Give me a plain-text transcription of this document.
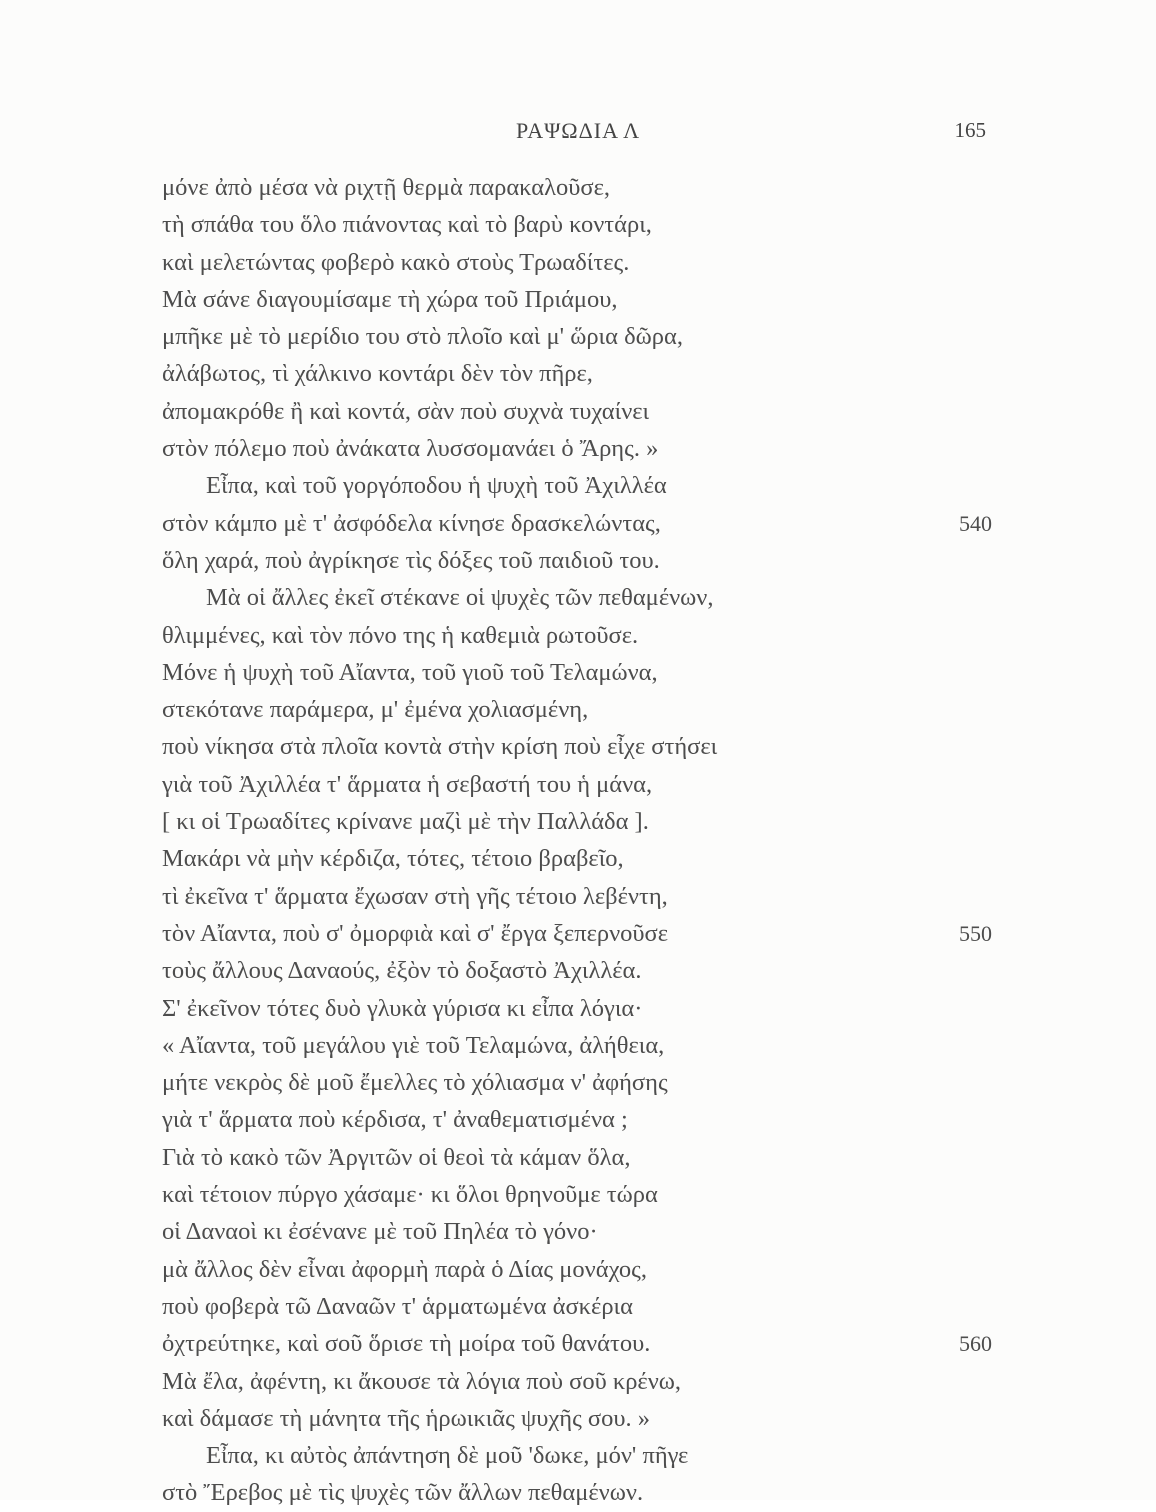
ΡΑΨΩΔΙΑ Λ	165
μόνε ἀπὸ μέσα νὰ ριχτῇ θερμὰ παρακαλοῦσε,
τὴ σπάθα του ὅλο πιάνοντας καὶ τὸ βαρὺ κοντάρι,
καὶ μελετώντας φοβερὸ κακὸ στοὺς Τρωαδίτες.
Μὰ σάνε διαγουμίσαμε τὴ χώρα τοῦ Πριάμου,
μπῆκε μὲ τὸ μερίδιο του στὸ πλοῖο καὶ μ' ὥρια δῶρα,
ἀλάβωτος, τὶ χάλκινο κοντάρι δὲν τὸν πῆρε,
ἀπομακρόθε ἢ καὶ κοντά, σὰν ποὺ συχνὰ τυχαίνει
στὸν πόλεμο ποὺ ἀνάκατα λυσσομανάει ὁ Ἄρης. »
Εἶπα, καὶ τοῦ γοργόποδου ἡ ψυχὴ τοῦ Ἀχιλλέα
στὸν κάμπο μὲ τ' ἀσφόδελα κίνησε δρασκελώντας,	540
ὅλη χαρά, ποὺ ἀγρίκησε τὶς δόξες τοῦ παιδιοῦ του.
Μὰ οἱ ἄλλες ἐκεῖ στέκανε οἱ ψυχὲς τῶν πεθαμένων,
θλιμμένες, καὶ τὸν πόνο της ἡ καθεμιὰ ρωτοῦσε.
Μόνε ἡ ψυχὴ τοῦ Αἴαντα, τοῦ γιοῦ τοῦ Τελαμώνα,
στεκότανε παράμερα, μ' ἐμένα χολιασμένη,
ποὺ νίκησα στὰ πλοῖα κοντὰ στὴν κρίση ποὺ εἶχε στήσει
γιὰ τοῦ Ἀχιλλέα τ' ἅρματα ἡ σεβαστή του ἡ μάνα,
[ κι οἱ Τρωαδίτες κρίνανε μαζὶ μὲ τὴν Παλλάδα ].
Μακάρι νὰ μὴν κέρδιζα, τότες, τέτοιο βραβεῖο,
τὶ ἐκεῖνα τ' ἅρματα ἔχωσαν στὴ γῆς τέτοιο λεβέντη,
τὸν Αἴαντα, ποὺ σ' ὀμορφιὰ καὶ σ' ἔργα ξεπερνοῦσε	550
τοὺς ἄλλους Δαναούς, ἐξὸν τὸ δοξαστὸ Ἀχιλλέα.
Σ' ἐκεῖνον τότες δυὸ γλυκὰ γύρισα κι εἶπα λόγια·
« Αἴαντα, τοῦ μεγάλου γιὲ τοῦ Τελαμώνα, ἀλήθεια,
μήτε νεκρὸς δὲ μοῦ ἔμελλες τὸ χόλιασμα ν' ἀφήσης
γιὰ τ' ἅρματα ποὺ κέρδισα, τ' ἀναθεματισμένα ;
Γιὰ τὸ κακὸ τῶν Ἀργιτῶν οἱ θεοὶ τὰ κάμαν ὅλα,
καὶ τέτοιον πύργο χάσαμε· κι ὅλοι θρηνοῦμε τώρα
οἱ Δαναοὶ κι ἐσένανε μὲ τοῦ Πηλέα τὸ γόνο·
μὰ ἄλλος δὲν εἶναι ἀφορμὴ παρὰ ὁ Δίας μονάχος,
ποὺ φοβερὰ τῶ Δαναῶν τ' ἁρματωμένα ἀσκέρια
ὀχτρεύτηκε, καὶ σοῦ ὅρισε τὴ μοίρα τοῦ θανάτου.	560
Μὰ ἔλα, ἀφέντη, κι ἄκουσε τὰ λόγια ποὺ σοῦ κρένω,
καὶ δάμασε τὴ μάνητα τῆς ἡρωικιᾶς ψυχῆς σου. »
Εἶπα, κι αὐτὸς ἀπάντηση δὲ μοῦ 'δωκε, μόν' πῆγε
στὸ Ἔρεβος μὲ τὶς ψυχὲς τῶν ἄλλων πεθαμένων.
